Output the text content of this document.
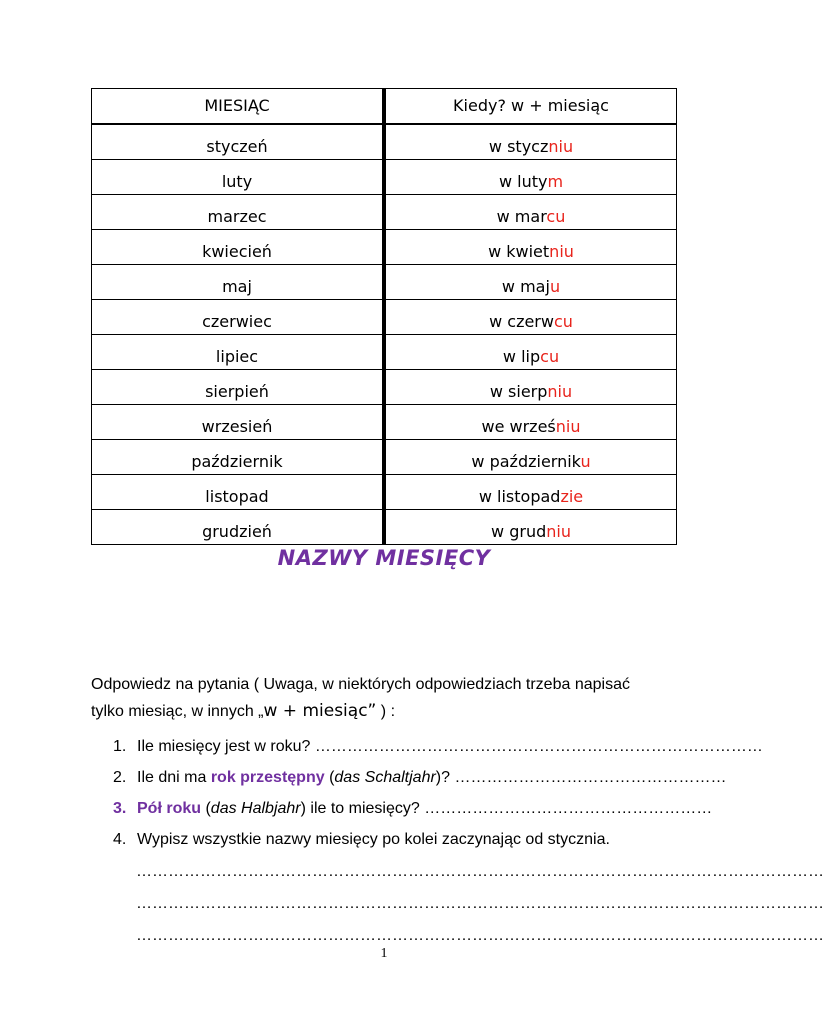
MIESIĄC	Kiedy? w + miesiąc
styczeń	w styczniu
luty	w lutym
marzec	w marcu
kwiecień	w kwietniu
maj	w maju
czerwiec	w czerwcu
lipiec	w lipcu
sierpień	w sierpniu
wrzesień	we wrześniu
październik	w październiku
listopad	w listopadzie
grudzień	w grudniu
NAZWY MIESIĘCY
Odpowiedz na pytania ( Uwaga, w niektórych odpowiedziach trzeba napisać
tylko miesiąc, w innych „w + miesiąc” ) :
1. Ile miesięcy jest w roku? …………………………………………………………………………
2. Ile dni ma rok przestępny (das Schaltjahr)? ……………………………………………
3. Pół roku (das Halbjahr) ile to miesięcy? ………………………………………………
4. Wypisz wszystkie nazwy miesięcy po kolei zaczynając od stycznia.
…………………………………………………………………………………………………………………
…………………………………………………………………………………………………………………
…………………………………………………………………………………………………………………
1
